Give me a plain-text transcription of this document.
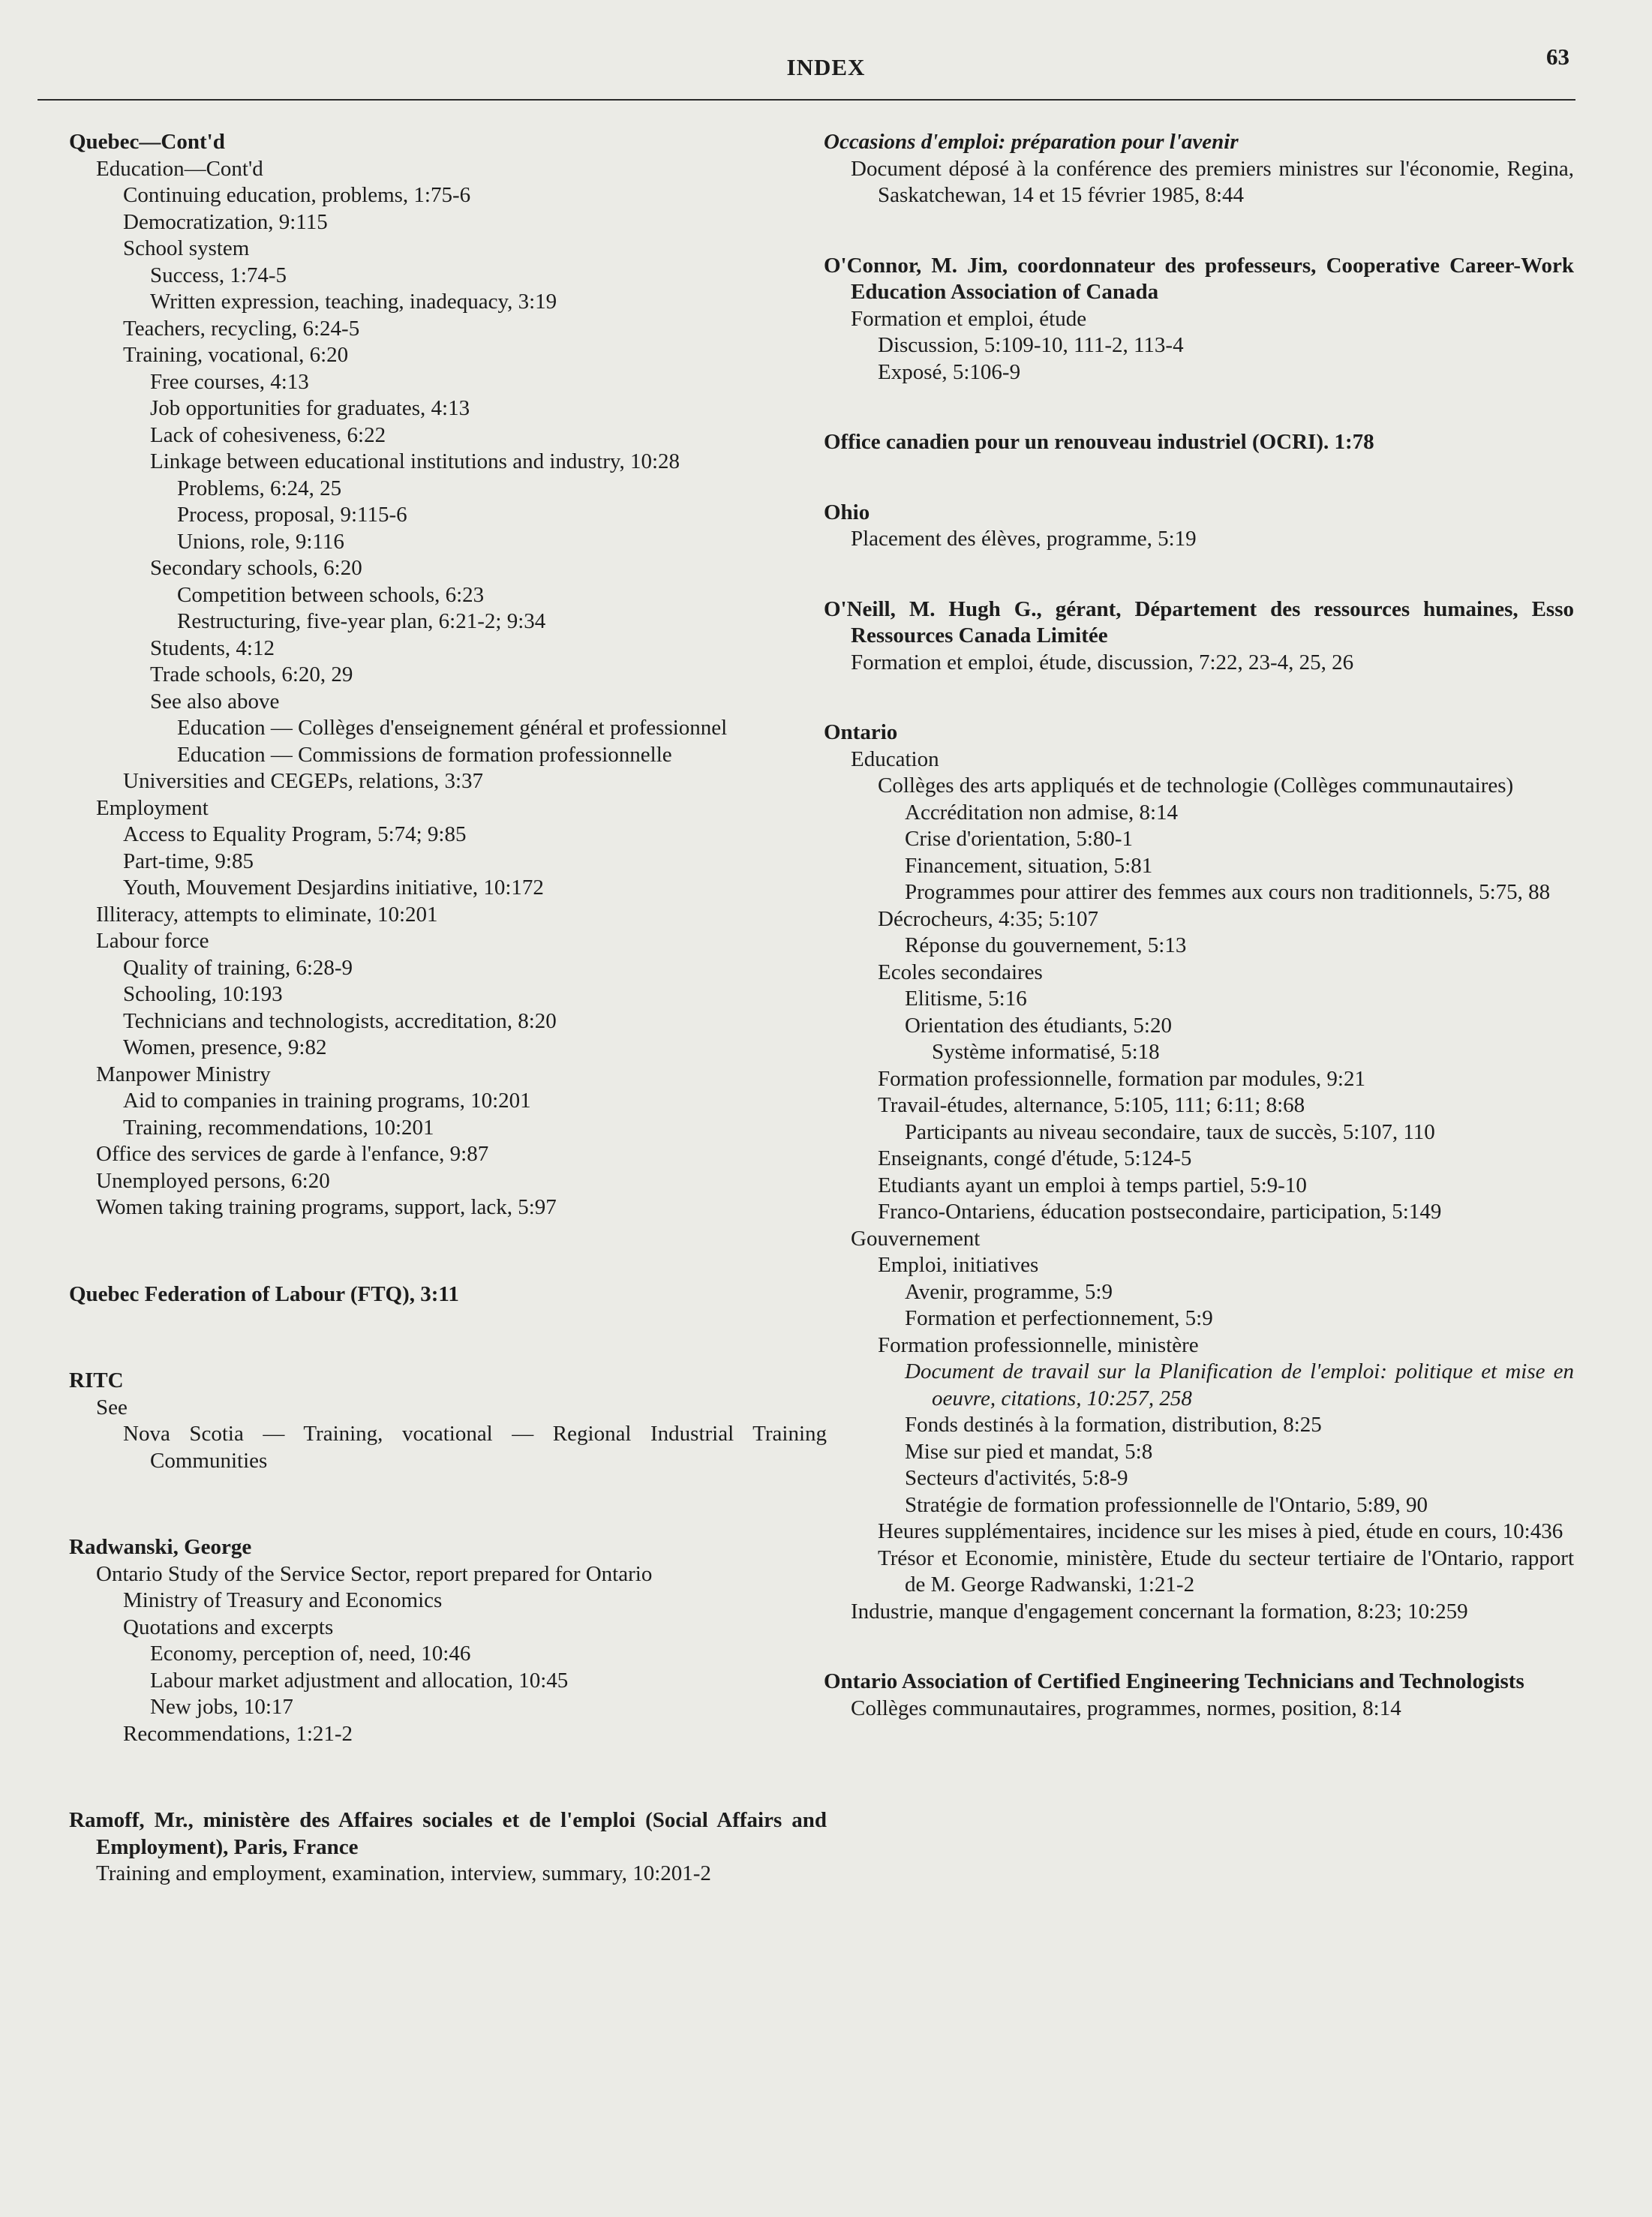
INDEX	63
Quebec—Cont'd
Education—Cont'd
Continuing education, problems, 1:75-6
Democratization, 9:115
School system
Success, 1:74-5
Written expression, teaching, inadequacy, 3:19
Teachers, recycling, 6:24-5
Training, vocational, 6:20
Free courses, 4:13
Job opportunities for graduates, 4:13
Lack of cohesiveness, 6:22
Linkage between educational institutions and industry, 10:28
Problems, 6:24, 25
Process, proposal, 9:115-6
Unions, role, 9:116
Secondary schools, 6:20
Competition between schools, 6:23
Restructuring, five-year plan, 6:21-2; 9:34
Students, 4:12
Trade schools, 6:20, 29
See also above
Education — Collèges d'enseignement général et professionnel
Education — Commissions de formation professionnelle
Universities and CEGEPs, relations, 3:37
Employment
Access to Equality Program, 5:74; 9:85
Part-time, 9:85
Youth, Mouvement Desjardins initiative, 10:172
Illiteracy, attempts to eliminate, 10:201
Labour force
Quality of training, 6:28-9
Schooling, 10:193
Technicians and technologists, accreditation, 8:20
Women, presence, 9:82
Manpower Ministry
Aid to companies in training programs, 10:201
Training, recommendations, 10:201
Office des services de garde à l'enfance, 9:87
Unemployed persons, 6:20
Women taking training programs, support, lack, 5:97
Quebec Federation of Labour (FTQ), 3:11
RITC
See
Nova Scotia — Training, vocational — Regional Industrial Training Communities
Radwanski, George
Ontario Study of the Service Sector, report prepared for Ontario
Ministry of Treasury and Economics
Quotations and excerpts
Economy, perception of, need, 10:46
Labour market adjustment and allocation, 10:45
New jobs, 10:17
Recommendations, 1:21-2
Ramoff, Mr., ministère des Affaires sociales et de l'emploi (Social Affairs and Employment), Paris, France
Training and employment, examination, interview, summary, 10:201-2
Occasions d'emploi: préparation pour l'avenir
Document déposé à la conférence des premiers ministres sur l'économie, Regina, Saskatchewan, 14 et 15 février 1985, 8:44
O'Connor, M. Jim, coordonnateur des professeurs, Cooperative Career-Work Education Association of Canada
Formation et emploi, étude
Discussion, 5:109-10, 111-2, 113-4
Exposé, 5:106-9
Office canadien pour un renouveau industriel (OCRI). 1:78
Ohio
Placement des élèves, programme, 5:19
O'Neill, M. Hugh G., gérant, Département des ressources humaines, Esso Ressources Canada Limitée
Formation et emploi, étude, discussion, 7:22, 23-4, 25, 26
Ontario
Education
Collèges des arts appliqués et de technologie (Collèges communautaires)
Accréditation non admise, 8:14
Crise d'orientation, 5:80-1
Financement, situation, 5:81
Programmes pour attirer des femmes aux cours non traditionnels, 5:75, 88
Décrocheurs, 4:35; 5:107
Réponse du gouvernement, 5:13
Ecoles secondaires
Elitisme, 5:16
Orientation des étudiants, 5:20
Système informatisé, 5:18
Formation professionnelle, formation par modules, 9:21
Travail-études, alternance, 5:105, 111; 6:11; 8:68
Participants au niveau secondaire, taux de succès, 5:107, 110
Enseignants, congé d'étude, 5:124-5
Etudiants ayant un emploi à temps partiel, 5:9-10
Franco-Ontariens, éducation postsecondaire, participation, 5:149
Gouvernement
Emploi, initiatives
Avenir, programme, 5:9
Formation et perfectionnement, 5:9
Formation professionnelle, ministère
Document de travail sur la Planification de l'emploi: politique et mise en oeuvre, citations, 10:257, 258
Fonds destinés à la formation, distribution, 8:25
Mise sur pied et mandat, 5:8
Secteurs d'activités, 5:8-9
Stratégie de formation professionnelle de l'Ontario, 5:89, 90
Heures supplémentaires, incidence sur les mises à pied, étude en cours, 10:436
Trésor et Economie, ministère, Etude du secteur tertiaire de l'Ontario, rapport de M. George Radwanski, 1:21-2
Industrie, manque d'engagement concernant la formation, 8:23; 10:259
Ontario Association of Certified Engineering Technicians and Technologists
Collèges communautaires, programmes, normes, position, 8:14
